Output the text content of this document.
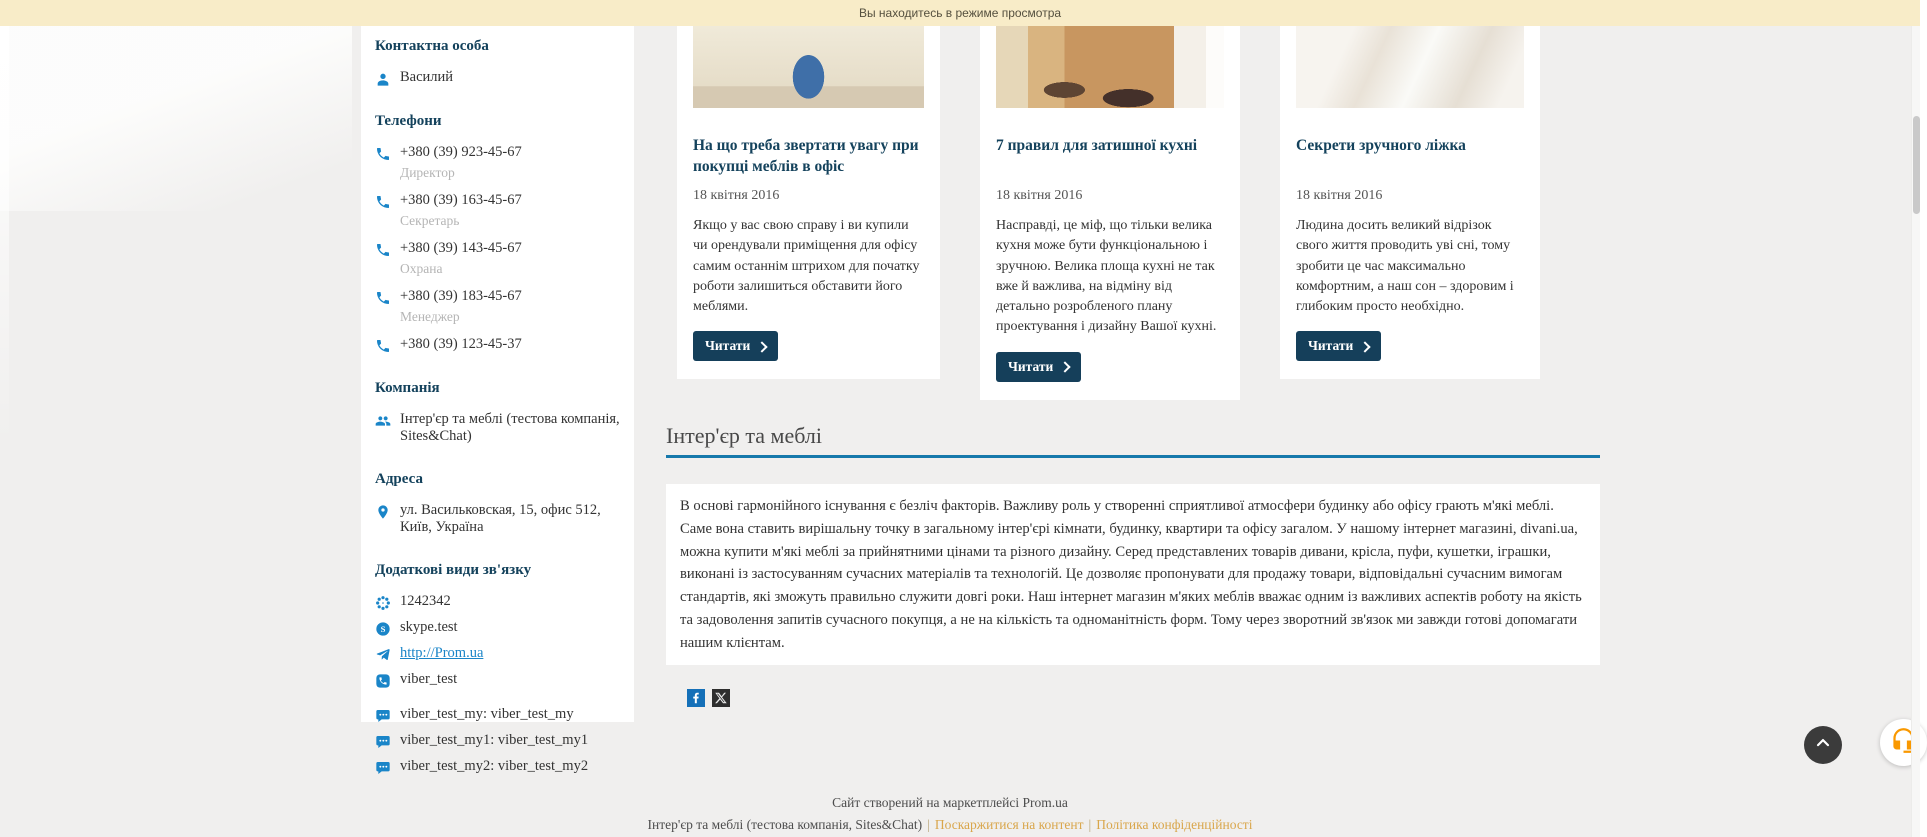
Вы находитесь в режиме просмотра
Контактна особа
Василий
Телефони
+380 (39) 923-45-67
Директор
+380 (39) 163-45-67
Секретарь
+380 (39) 143-45-67
Охрана
+380 (39) 183-45-67
Менеджер
+380 (39) 123-45-37
Компанія
Інтер'єр та меблі (тестова компанія, Sites&Chat)
Адреса
ул. Васильковская, 15, офис 512, Київ, Україна
Додаткові види зв'язку
1242342
S skype.test
http://Prom.ua
viber_test
viber_test_my: viber_test_my
viber_test_my1: viber_test_my1
viber_test_my2: viber_test_my2
На що треба звертати увагу при покупці меблів в офіс
18 квітня 2016
Якщо у вас свою справу і ви купили чи орендували приміщення для офісу самим останнім штрихом для початку роботи залишиться обставити його меблями.
Читати
7 правил для затишної кухні
18 квітня 2016
Насправді, це міф, що тільки велика кухня може бути функціональною і зручною. Велика площа кухні не так вже й важлива, на відміну від детально розробленого плану проектування і дизайну Вашої кухні.
Читати
Секрети зручного ліжка
18 квітня 2016
Людина досить великий відрізок свого життя проводить уві сні, тому зробити це час максимально комфортним, а наш сон – здоровим і глибоким просто необхідно.
Читати
Інтер'єр та меблі
В основі гармонійного існування є безліч факторів. Важливу роль у створенні сприятливої атмосфери будинку або офісу грають м'які меблі. Саме вона ставить вирішальну точку в загальному інтер'єрі кімнати, будинку, квартири та офісу загалом. У нашому інтернет магазині, divani.ua, можна купити м'які меблі за прийнятними цінами та різного дизайну. Серед представлених товарів дивани, крісла, пуфи, кушетки, іграшки, виконані із застосуванням сучасних матеріалів та технологій. Це дозволяє пропонувати для продажу товари, відповідальні сучасним вимогам стандартів, які зможуть правильно служити довгі роки. Наш інтернет магазин м'яких меблів вважає одним із важливих аспектів роботу на якість та задоволення запитів сучасного покупця, а не на кількість та одноманітність форм. Тому через зворотний зв'язок ми завжди готові допомагати нашим клієнтам.
Сайт створений на маркетплейсі Prom.ua
Інтер'єр та меблі (тестова компанія, Sites&Chat) | Поскаржитися на контент | Політика конфіденційності
